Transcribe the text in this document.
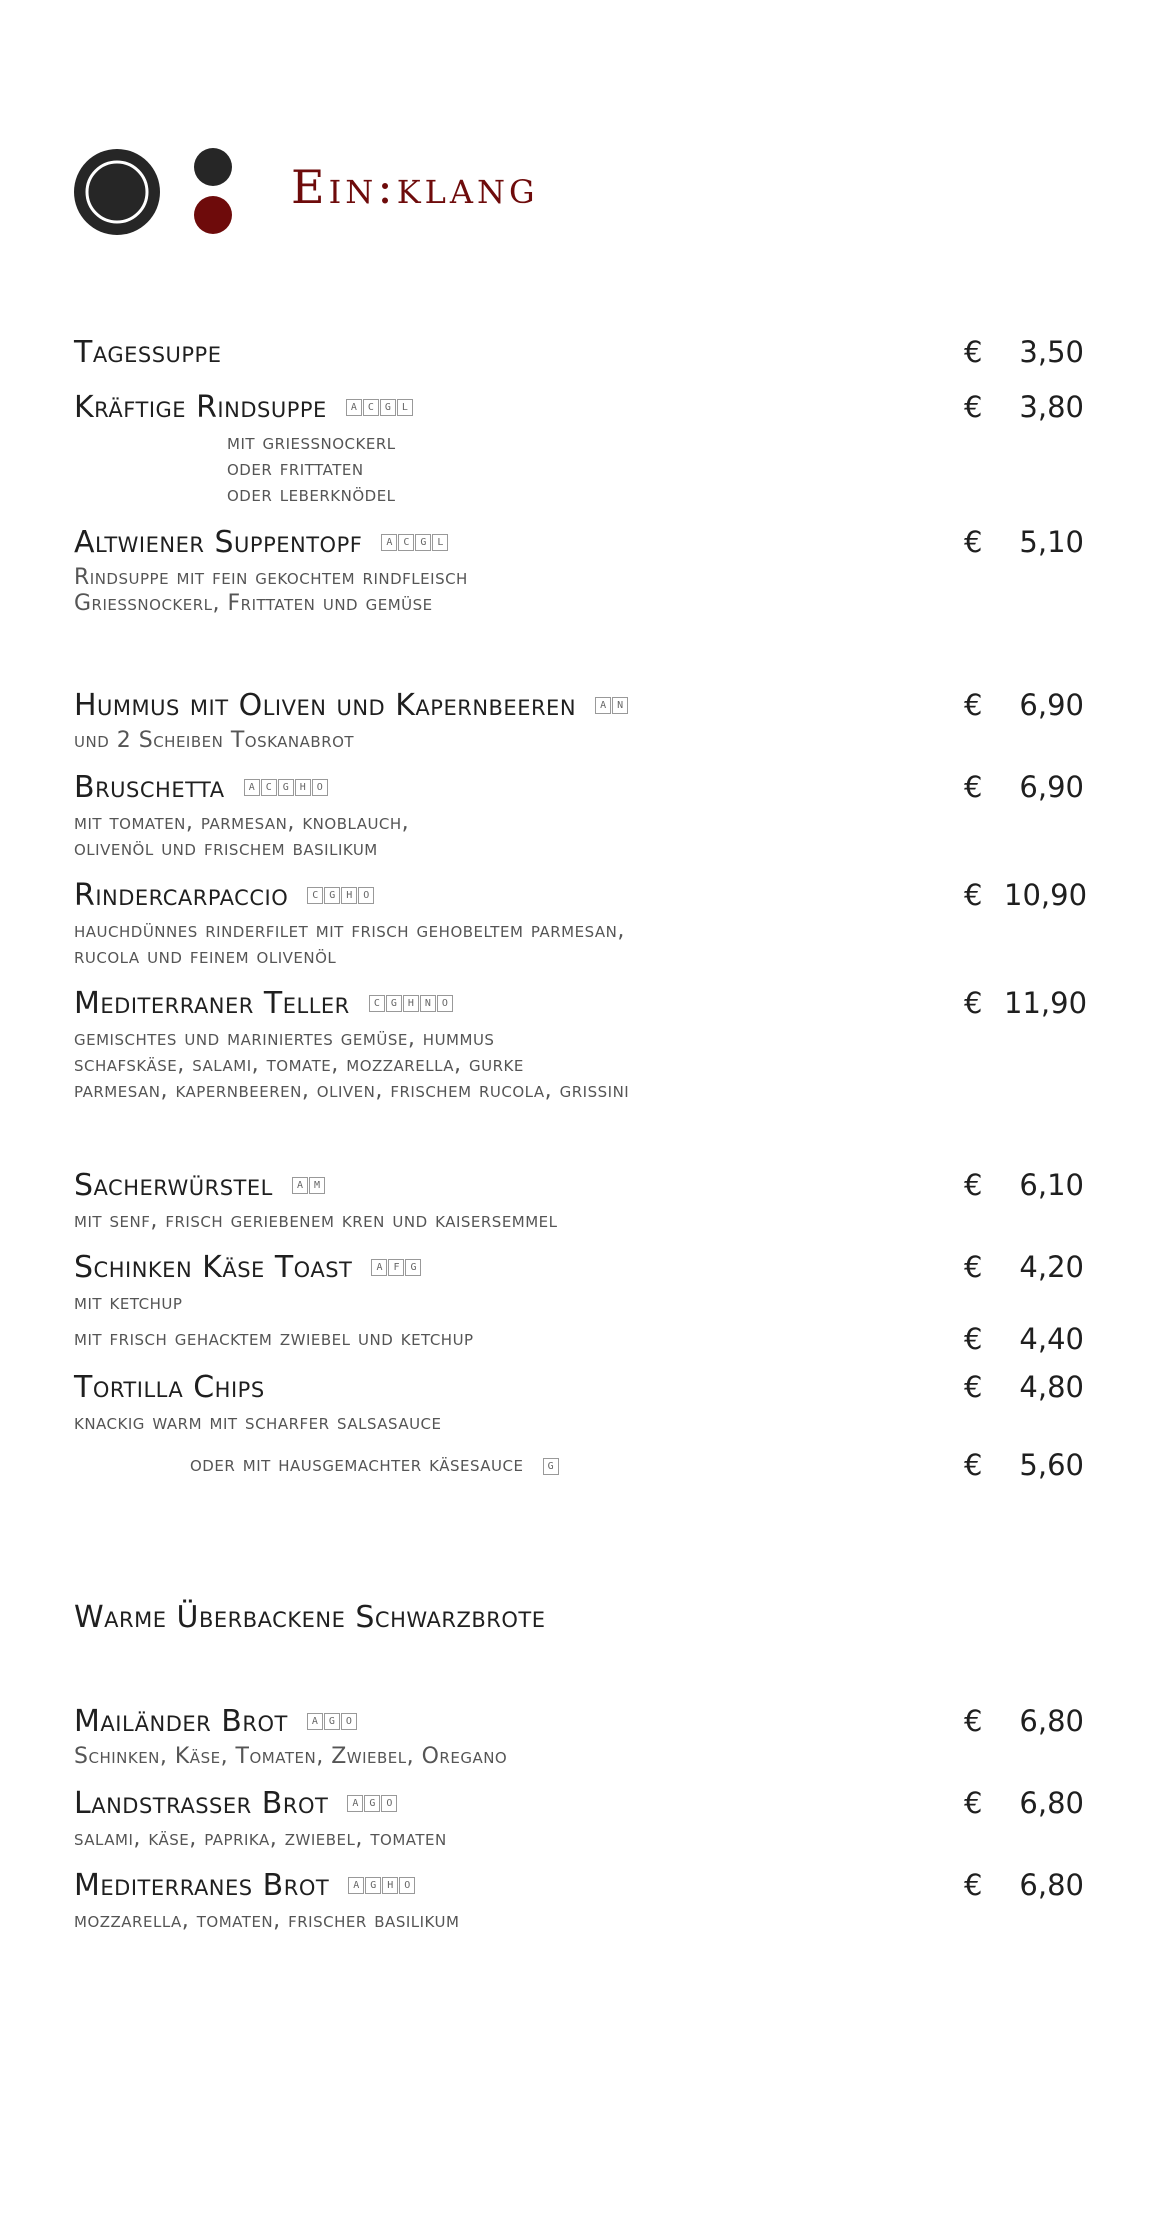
Ein:klang
Tagessuppe	€ 3,50
Kräftige Rindsuppe	A	C	G	L	€ 3,80
mit griessnockerl
oder frittaten
oder leberknödel
Altwiener Suppentopf	A	C	G	L	€ 5,10
Rindsuppe mit fein gekochtem rindfleisch
Griessnockerl, Frittaten und gemüse
Hummus mit Oliven und Kapernbeeren	A	N	€ 6,90
und 2 Scheiben Toskanabrot
Bruschetta	A	C	G	H	O	€ 6,90
mit tomaten, parmesan, knoblauch,
olivenöl und frischem basilikum
Rindercarpaccio	C	G	H	O	€ 10,90
hauchdünnes rinderfilet mit frisch gehobeltem parmesan,
rucola und feinem olivenöl
Mediterraner Teller	C	G	H	N	O	€ 11,90
gemischtes und mariniertes gemüse, hummus
schafskäse, salami, tomate, mozzarella, gurke
parmesan, kapernbeeren, oliven, frischem rucola, grissini
Sacherwürstel	A	M	€ 6,10
mit senf, frisch geriebenem kren und kaisersemmel
Schinken Käse Toast	A	F	G	€ 4,20
mit ketchup
mit frisch gehacktem zwiebel und ketchup	€ 4,40
Tortilla Chips	€ 4,80
knackig warm mit scharfer salsasauce
oder mit hausgemachter käsesauce	G	€ 5,60
Warme Überbackene Schwarzbrote
Mailänder Brot	A	G	O	€ 6,80
Schinken, Käse, Tomaten, Zwiebel, Oregano
Landstrasser Brot	A	G	O	€ 6,80
salami, käse, paprika, zwiebel, tomaten
Mediterranes Brot	A	G	H	O	€ 6,80
mozzarella, tomaten, frischer basilikum
